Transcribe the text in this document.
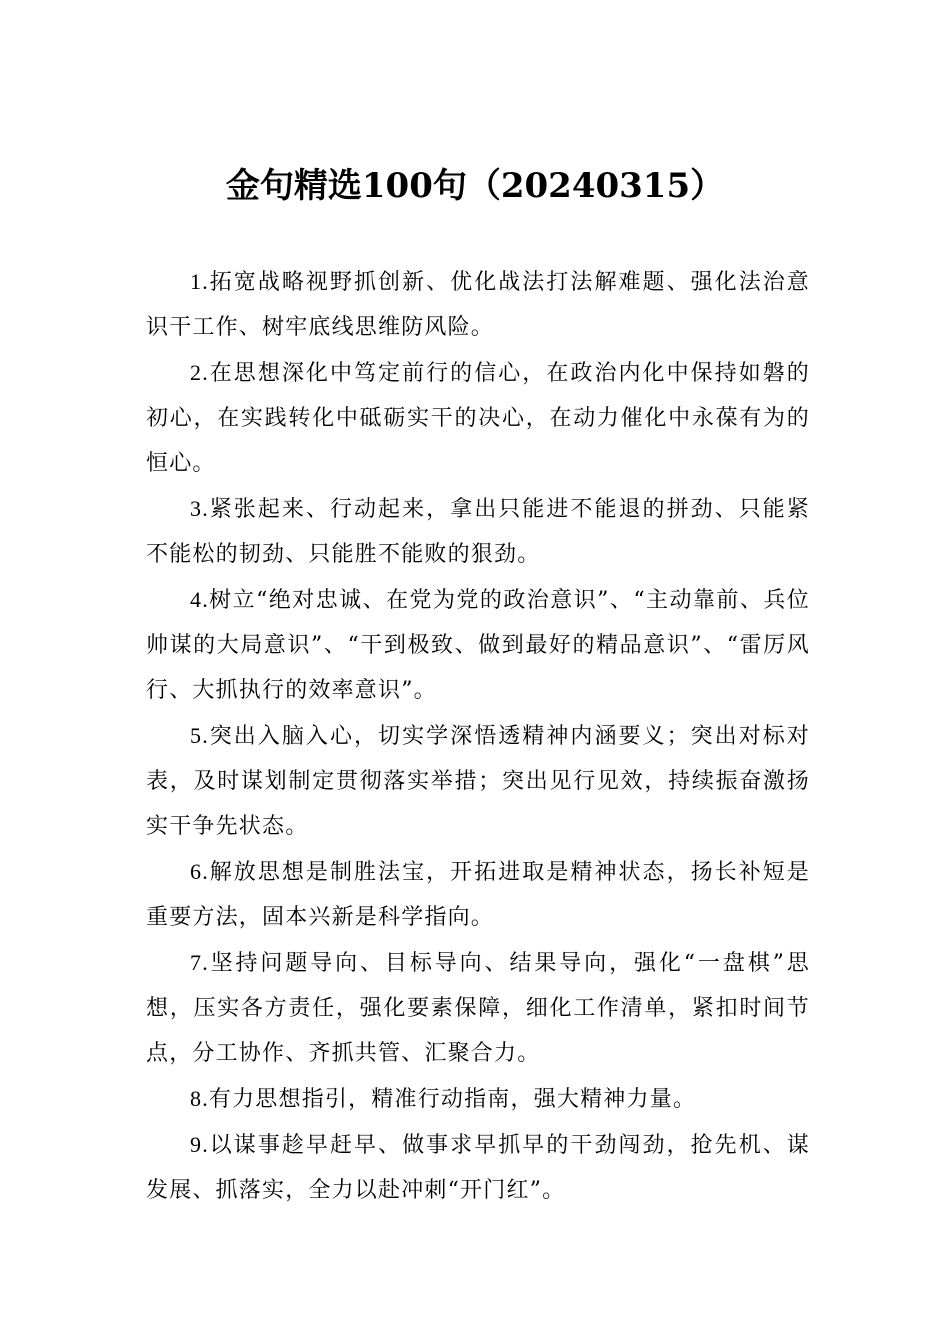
金句精选100句（20240315）

1.拓宽战略视野抓创新、优化战法打法解难题、强化法治意识干工作、树牢底线思维防风险。

2.在思想深化中笃定前行的信心，在政治内化中保持如磐的初心，在实践转化中砥砺实干的决心，在动力催化中永葆有为的恒心。

3.紧张起来、行动起来，拿出只能进不能退的拼劲、只能紧不能松的韧劲、只能胜不能败的狠劲。

4.树立“绝对忠诚、在党为党的政治意识”、“主动靠前、兵位帅谋的大局意识”、“干到极致、做到最好的精品意识”、“雷厉风行、大抓执行的效率意识”。

5.突出入脑入心，切实学深悟透精神内涵要义；突出对标对表，及时谋划制定贯彻落实举措；突出见行见效，持续振奋激扬实干争先状态。

6.解放思想是制胜法宝，开拓进取是精神状态，扬长补短是重要方法，固本兴新是科学指向。

7.坚持问题导向、目标导向、结果导向，强化“一盘棋”思想，压实各方责任，强化要素保障，细化工作清单，紧扣时间节点，分工协作、齐抓共管、汇聚合力。

8.有力思想指引，精准行动指南，强大精神力量。

9.以谋事趁早赶早、做事求早抓早的干劲闯劲，抢先机、谋发展、抓落实，全力以赴冲刺“开门红”。
